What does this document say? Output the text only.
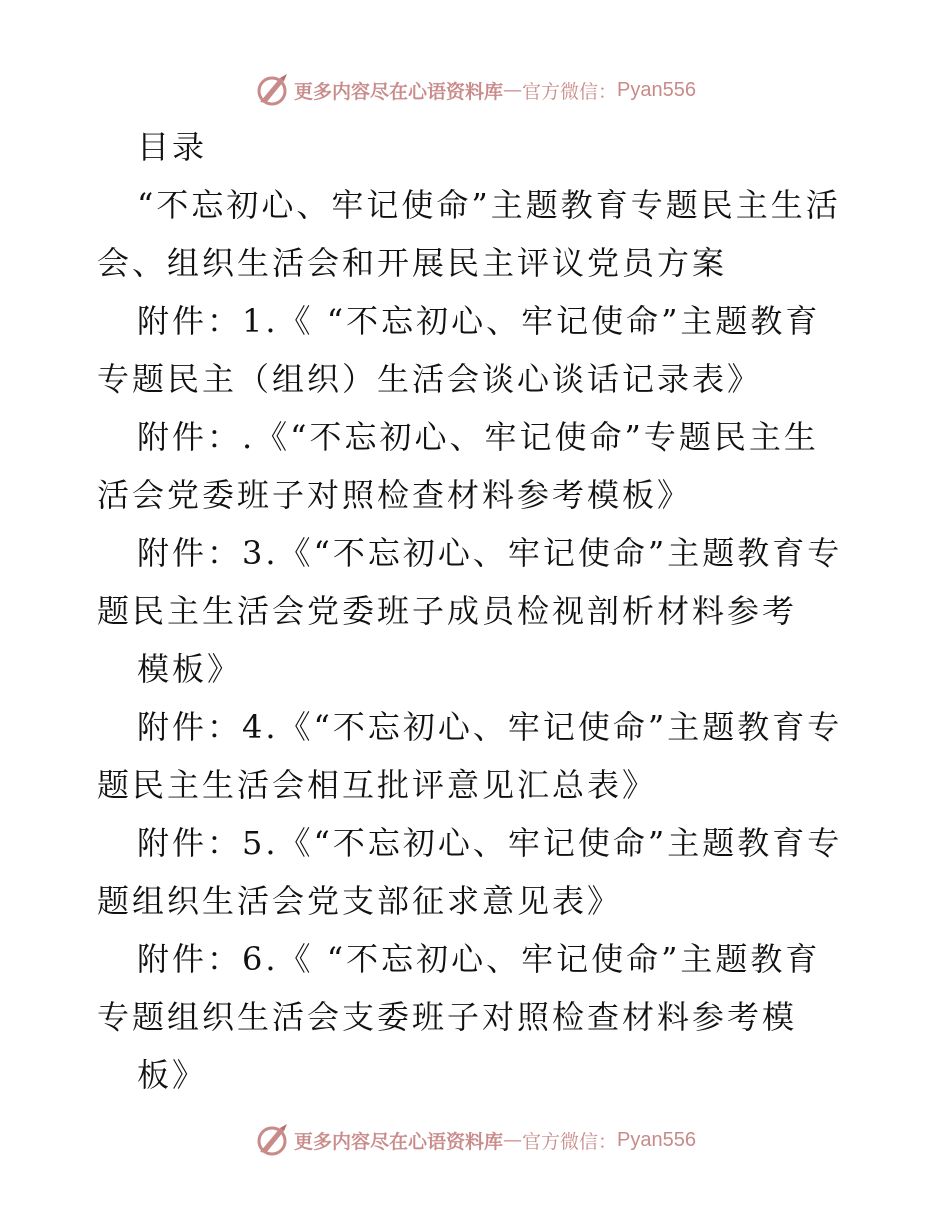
更多内容尽在心语资料库 — 官方微信： Pyan556
目录
“不忘初心、牢记使命”主题教育专题民主生活
会、组织生活会和开展民主评议党员方案
附件：1.《 “不忘初心、牢记使命”主题教育
专题民主（组织）生活会谈心谈话记录表》
附件：.《“不忘初心、牢记使命”专题民主生
活会党委班子对照检查材料参考模板》
附件：3.《“不忘初心、牢记使命”主题教育专
题民主生活会党委班子成员检视剖析材料参考
模板》
附件：4.《“不忘初心、牢记使命”主题教育专
题民主生活会相互批评意见汇总表》
附件：5.《“不忘初心、牢记使命”主题教育专
题组织生活会党支部征求意见表》
附件：6.《 “不忘初心、牢记使命”主题教育
专题组织生活会支委班子对照检查材料参考模
板》
更多内容尽在心语资料库 — 官方微信： Pyan556
